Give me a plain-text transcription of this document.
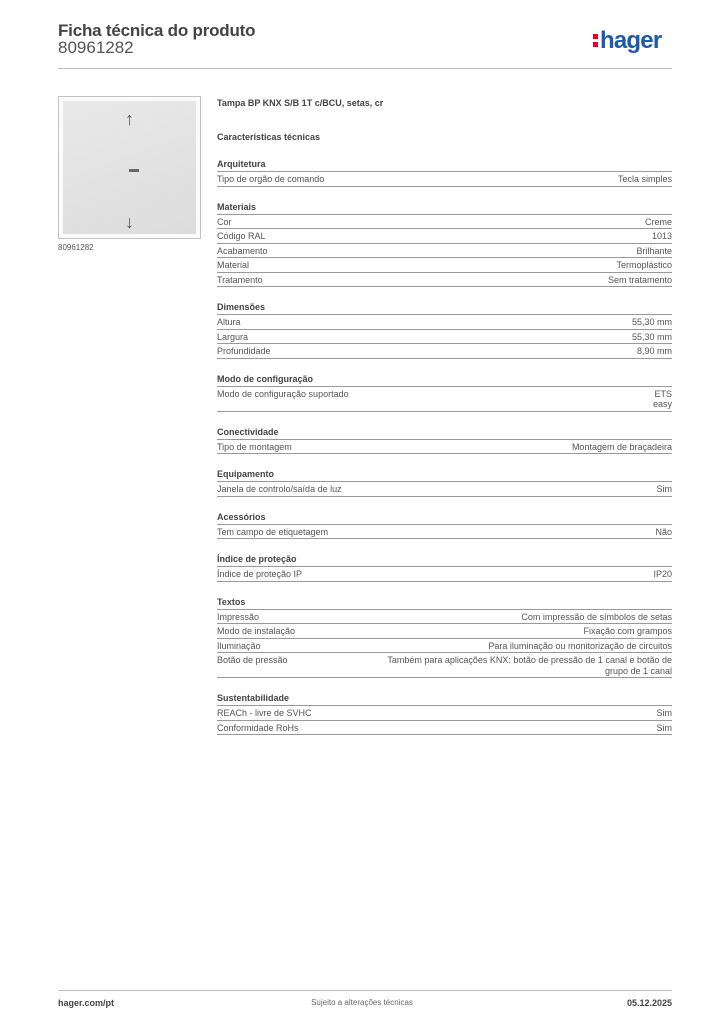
Ficha técnica do produto
80961282	hager
↑
↓
80961282
Tampa BP KNX S/B 1T c/BCU, setas, cr
Características técnicas
Arquitetura
Tipo de orgão de comando	Tecla simples
Materiais
Cor	Creme
Código RAL	1013
Acabamento	Brilhante
Material	Termoplástico
Tratamento	Sem tratamento
Dimensões
Altura	55,30 mm
Largura	55,30 mm
Profundidade	8,90 mm
Modo de configuração
Modo de configuração suportado	ETS
easy
Conectividade
Tipo de montagem	Montagem de braçadeira
Equipamento
Janela de controlo/saída de luz	Sim
Acessórios
Tem campo de etiquetagem	Não
Índice de proteção
Índice de proteção IP	IP20
Textos
Impressão	Com impressão de símbolos de setas
Modo de instalação	Fixação com grampos
Iluminação	Para iluminação ou monitorização de circuitos
Botão de pressão	Também para aplicações KNX: botão de pressão de 1 canal e botão de grupo de 1 canal
Sustentabilidade
REACh - livre de SVHC	Sim
Conformidade RoHs	Sim
hager.com/pt	Sujeito a alterações técnicas	05.12.2025
